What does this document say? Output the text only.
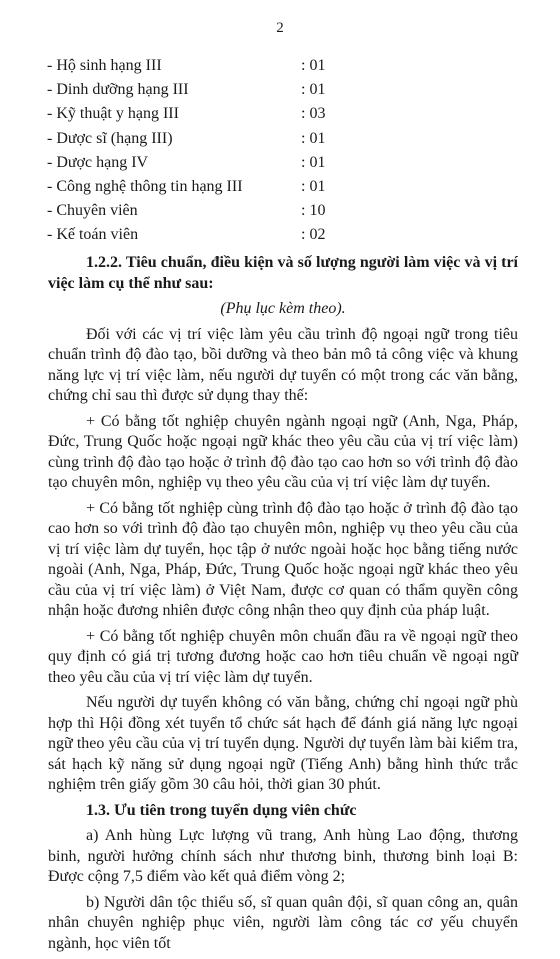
2
- Hộ sinh hạng III	: 01
- Dinh dưỡng hạng III	: 01
- Kỹ thuật y hạng III	: 03
- Dược sĩ (hạng III)	: 01
- Dược hạng IV	: 01
- Công nghệ thông tin hạng III	: 01
- Chuyên viên	: 10
- Kế toán viên	: 02

1.2.2. Tiêu chuẩn, điều kiện và số lượng người làm việc và vị trí việc làm cụ thể như sau:

(Phụ lục kèm theo).

Đối với các vị trí việc làm yêu cầu trình độ ngoại ngữ trong tiêu chuẩn trình độ đào tạo, bồi dưỡng và theo bản mô tả công việc và khung năng lực vị trí việc làm, nếu người dự tuyển có một trong các văn bằng, chứng chỉ sau thì được sử dụng thay thế:

+ Có bằng tốt nghiệp chuyên ngành ngoại ngữ (Anh, Nga, Pháp, Đức, Trung Quốc hoặc ngoại ngữ khác theo yêu cầu của vị trí việc làm) cùng trình độ đào tạo hoặc ở trình độ đào tạo cao hơn so với trình độ đào tạo chuyên môn, nghiệp vụ theo yêu cầu của vị trí việc làm dự tuyển.

+ Có bằng tốt nghiệp cùng trình độ đào tạo hoặc ở trình độ đào tạo cao hơn so với trình độ đào tạo chuyên môn, nghiệp vụ theo yêu cầu của vị trí việc làm dự tuyển, học tập ở nước ngoài hoặc học bằng tiếng nước ngoài (Anh, Nga, Pháp, Đức, Trung Quốc hoặc ngoại ngữ khác theo yêu cầu của vị trí việc làm) ở Việt Nam, được cơ quan có thẩm quyền công nhận hoặc đương nhiên được công nhận theo quy định của pháp luật.

+ Có bằng tốt nghiệp chuyên môn chuẩn đầu ra về ngoại ngữ theo quy định có giá trị tương đương hoặc cao hơn tiêu chuẩn về ngoại ngữ theo yêu cầu của vị trí việc làm dự tuyển.

Nếu người dự tuyển không có văn bằng, chứng chỉ ngoại ngữ phù hợp thì Hội đồng xét tuyển tổ chức sát hạch để đánh giá năng lực ngoại ngữ theo yêu cầu của vị trí tuyển dụng. Người dự tuyển làm bài kiểm tra, sát hạch kỹ năng sử dụng ngoại ngữ (Tiếng Anh) bằng hình thức trắc nghiệm trên giấy gồm 30 câu hỏi, thời gian 30 phút.

1.3. Ưu tiên trong tuyển dụng viên chức

a) Anh hùng Lực lượng vũ trang, Anh hùng Lao động, thương binh, người hưởng chính sách như thương binh, thương binh loại B: Được cộng 7,5 điểm vào kết quả điểm vòng 2;

b) Người dân tộc thiểu số, sĩ quan quân đội, sĩ quan công an, quân nhân chuyên nghiệp phục viên, người làm công tác cơ yếu chuyển ngành, học viên tốt
